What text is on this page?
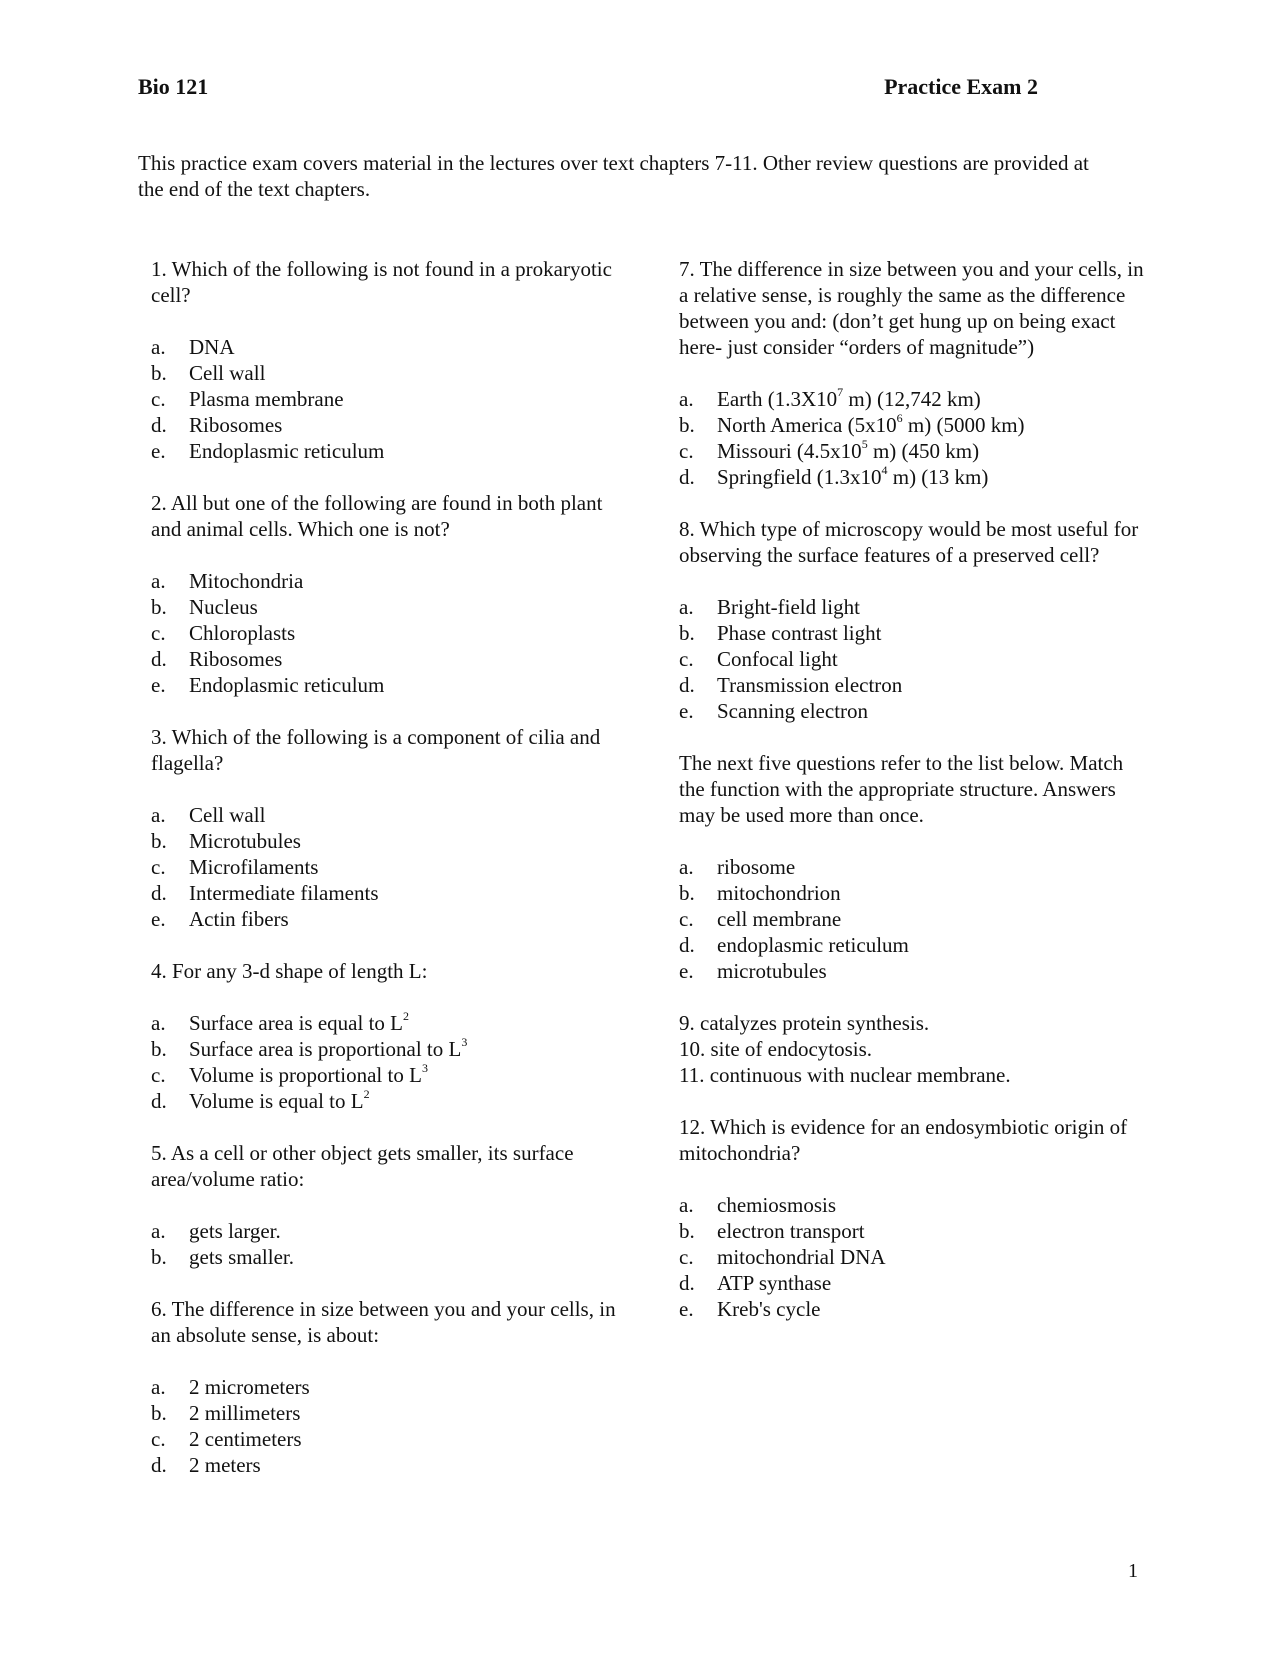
Bio 121	Practice Exam 2
This practice exam covers material in the lectures over text chapters 7-11. Other review questions are provided at the end of the text chapters.
1. Which of the following is not found in a prokaryotic cell?
a.	DNA
b.	Cell wall
c.	Plasma membrane
d.	Ribosomes
e.	Endoplasmic reticulum
2. All but one of the following are found in both plant and animal cells. Which one is not?
a.	Mitochondria
b.	Nucleus
c.	Chloroplasts
d.	Ribosomes
e.	Endoplasmic reticulum
3. Which of the following is a component of cilia and flagella?
a.	Cell wall
b.	Microtubules
c.	Microfilaments
d.	Intermediate filaments
e.	Actin fibers
4. For any 3-d shape of length L:
a.	Surface area is equal to $L^2$
b.	Surface area is proportional to $L^3$
c.	Volume is proportional to $L^3$
d.	Volume is equal to $L^2$
5. As a cell or other object gets smaller, its surface area/volume ratio:
a.	gets larger.
b.	gets smaller.
6. The difference in size between you and your cells, in an absolute sense, is about:
a.	2 micrometers
b.	2 millimeters
c.	2 centimeters
d.	2 meters
7. The difference in size between you and your cells, in a relative sense, is roughly the same as the difference between you and: (don’t get hung up on being exact here- just consider “orders of magnitude”)
a.	Earth ($1.3X10^7$ m) (12,742 km)
b.	North America ($5x10^6$ m) (5000 km)
c.	Missouri ($4.5x10^5$ m) (450 km)
d.	Springfield ($1.3x10^4$ m) (13 km)
8. Which type of microscopy would be most useful for observing the surface features of a preserved cell?
a.	Bright-field light
b.	Phase contrast light
c.	Confocal light
d.	Transmission electron
e.	Scanning electron
The next five questions refer to the list below. Match the function with the appropriate structure. Answers may be used more than once.
a.	ribosome
b.	mitochondrion
c.	cell membrane
d.	endoplasmic reticulum
e.	microtubules
9. catalyzes protein synthesis.
10. site of endocytosis.
11. continuous with nuclear membrane.
12. Which is evidence for an endosymbiotic origin of mitochondria?
a.	chemiosmosis
b.	electron transport
c.	mitochondrial DNA
d.	ATP synthase
e.	Kreb's cycle
1
